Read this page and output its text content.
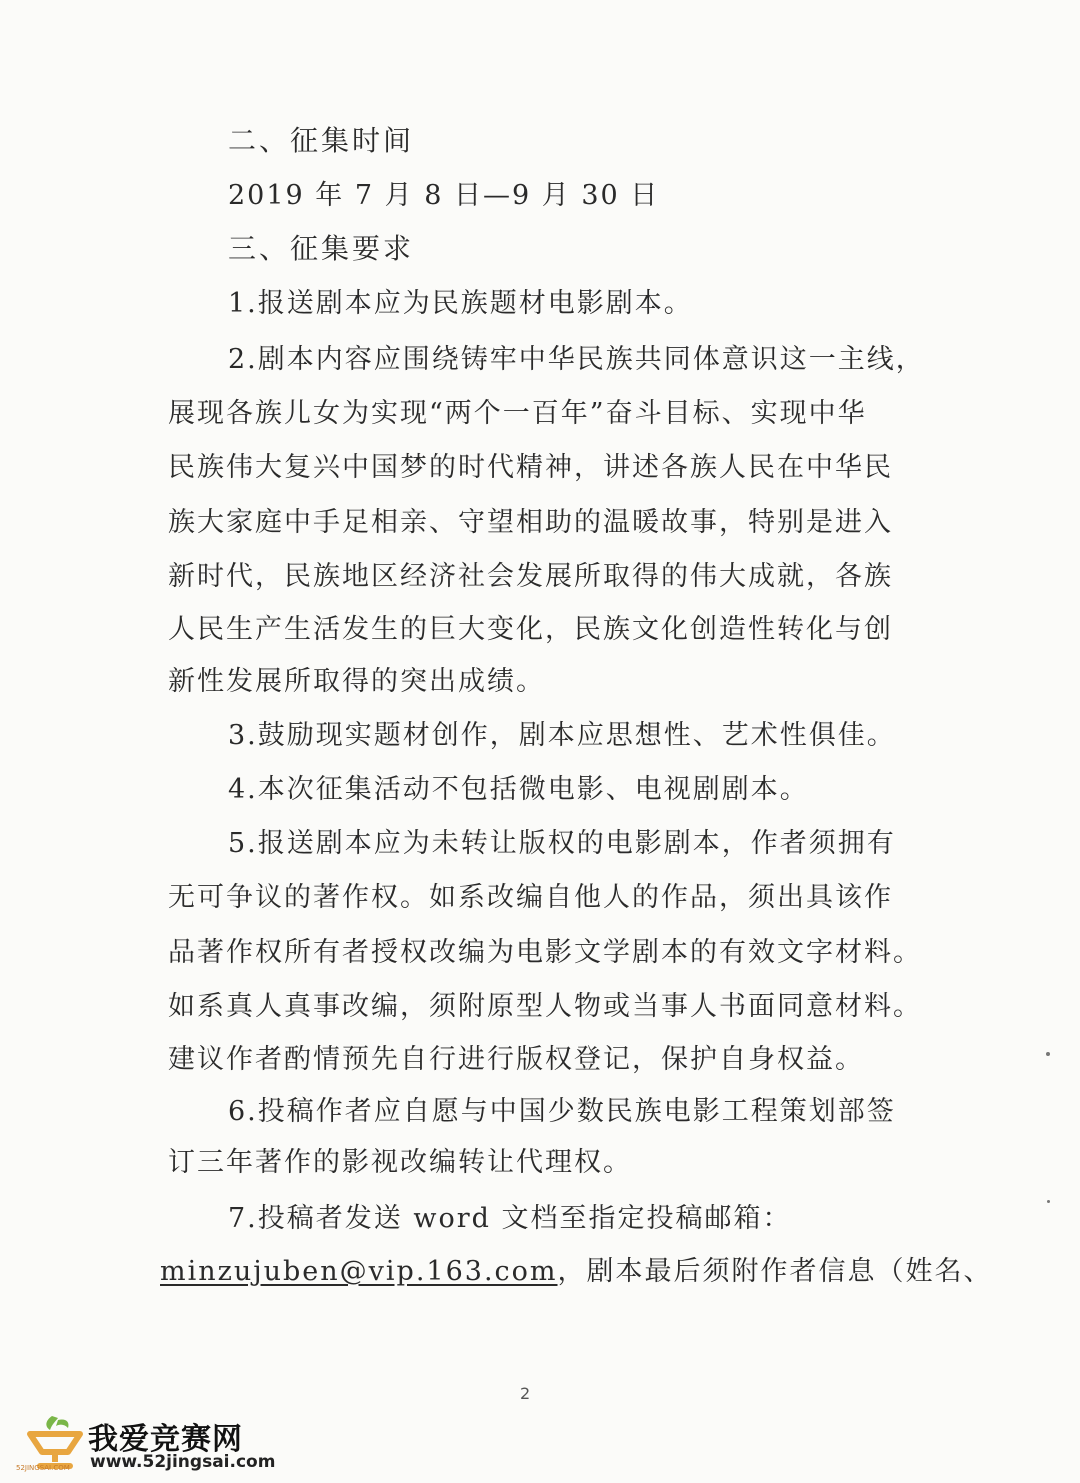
二、征集时间
2019 年 7 月 8 日—9 月 30 日
三、征集要求
1.报送剧本应为民族题材电影剧本。
2.剧本内容应围绕铸牢中华民族共同体意识这一主线，
展现各族儿女为实现“两个一百年”奋斗目标、实现中华
民族伟大复兴中国梦的时代精神，讲述各族人民在中华民
族大家庭中手足相亲、守望相助的温暖故事，特别是进入
新时代，民族地区经济社会发展所取得的伟大成就，各族
人民生产生活发生的巨大变化，民族文化创造性转化与创
新性发展所取得的突出成绩。
3.鼓励现实题材创作，剧本应思想性、艺术性俱佳。
4.本次征集活动不包括微电影、电视剧剧本。
5.报送剧本应为未转让版权的电影剧本，作者须拥有
无可争议的著作权。如系改编自他人的作品，须出具该作
品著作权所有者授权改编为电影文学剧本的有效文字材料。
如系真人真事改编，须附原型人物或当事人书面同意材料。
建议作者酌情预先自行进行版权登记，保护自身权益。
6.投稿作者应自愿与中国少数民族电影工程策划部签
订三年著作的影视改编转让代理权。
7.投稿者发送 word 文档至指定投稿邮箱：
minzujuben@vip.163.com，剧本最后须附作者信息（姓名、
2
我爱竞赛网
www.52jingsai.com
52JINGSAI.COM
